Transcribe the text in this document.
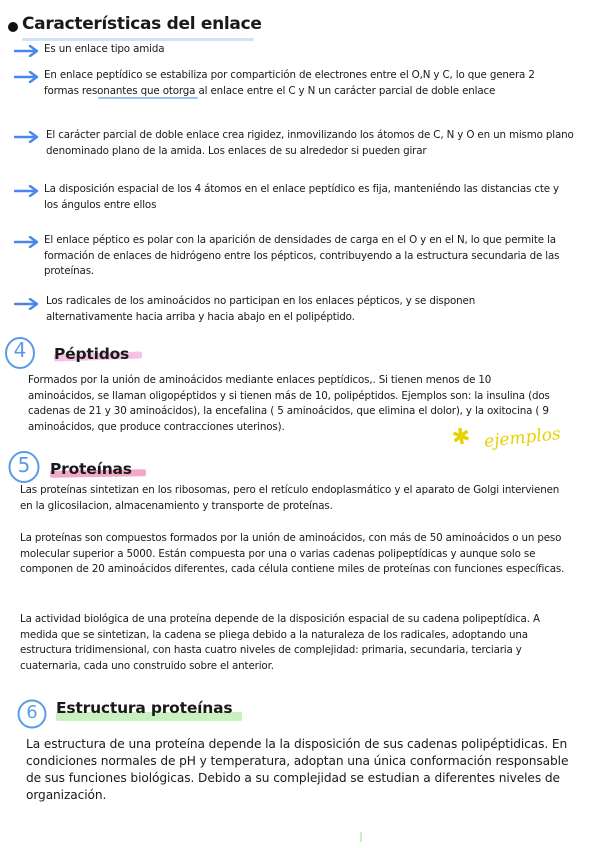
Características del enlace
Es un enlace tipo amida
En enlace peptídico se estabiliza por compartición de electrones entre el O,N y C, lo que genera 2 formas resonantes que otorga al enlace entre el C y N un carácter parcial de doble enlace
El carácter parcial de doble enlace crea rigidez, inmovilizando los átomos de C, N y O en un mismo plano denominado plano de la amida. Los enlaces de su alrededor si pueden girar
La disposición espacial de los 4 átomos en el enlace peptídico es fija, manteniéndo las distancias cte y los ángulos entre ellos
El enlace péptico es polar con la aparición de densidades de carga en el O y en el N, lo que permite la formación de enlaces de hidrógeno entre los pépticos, contribuyendo a la estructura secundaria de las proteínas.
Los radicales de los aminoácidos no participan en los enlaces pépticos, y se disponen alternativamente hacia arriba y hacia abajo en el polipéptido.
4	Péptidos
Formados por la unión de aminoácidos mediante enlaces peptídicos,. Si tienen menos de 10 aminoácidos, se llaman oligopéptidos y si tienen más de 10, polipéptidos. Ejemplos son: la insulina (dos cadenas de 21 y 30 aminoácidos), la encefalina ( 5 aminoácidos, que elimina el dolor), y la oxitocina ( 9 aminoácidos, que produce contracciones uterinos).	✱ ejemplos
5	Proteínas
Las proteínas sintetizan en los ribosomas, pero el retículo endoplasmático y el aparato de Golgi intervienen en la glicosilacion, almacenamiento y transporte de proteínas.
La proteínas son compuestos formados por la unión de aminoácidos, con más de 50 aminoácidos o un peso molecular superior a 5000. Están compuesta por una o varias cadenas polipeptídicas y aunque solo se componen de 20 aminoácidos diferentes, cada célula contiene miles de proteínas con funciones específicas.
La actividad biológica de una proteína depende de la disposición espacial de su cadena polipeptídica. A medida que se sintetizan, la cadena se pliega debido a la naturaleza de los radicales, adoptando una estructura tridimensional, con hasta cuatro niveles de complejidad: primaria, secundaria, terciaria y cuaternaria, cada uno construido sobre el anterior.
6	Estructura proteínas
La estructura de una proteína depende la la disposición de sus cadenas polipéptidicas. En condiciones normales de pH y temperatura, adoptan una única conformación responsable de sus funciones biológicas. Debido a su complejidad se estudian a diferentes niveles de organización.
